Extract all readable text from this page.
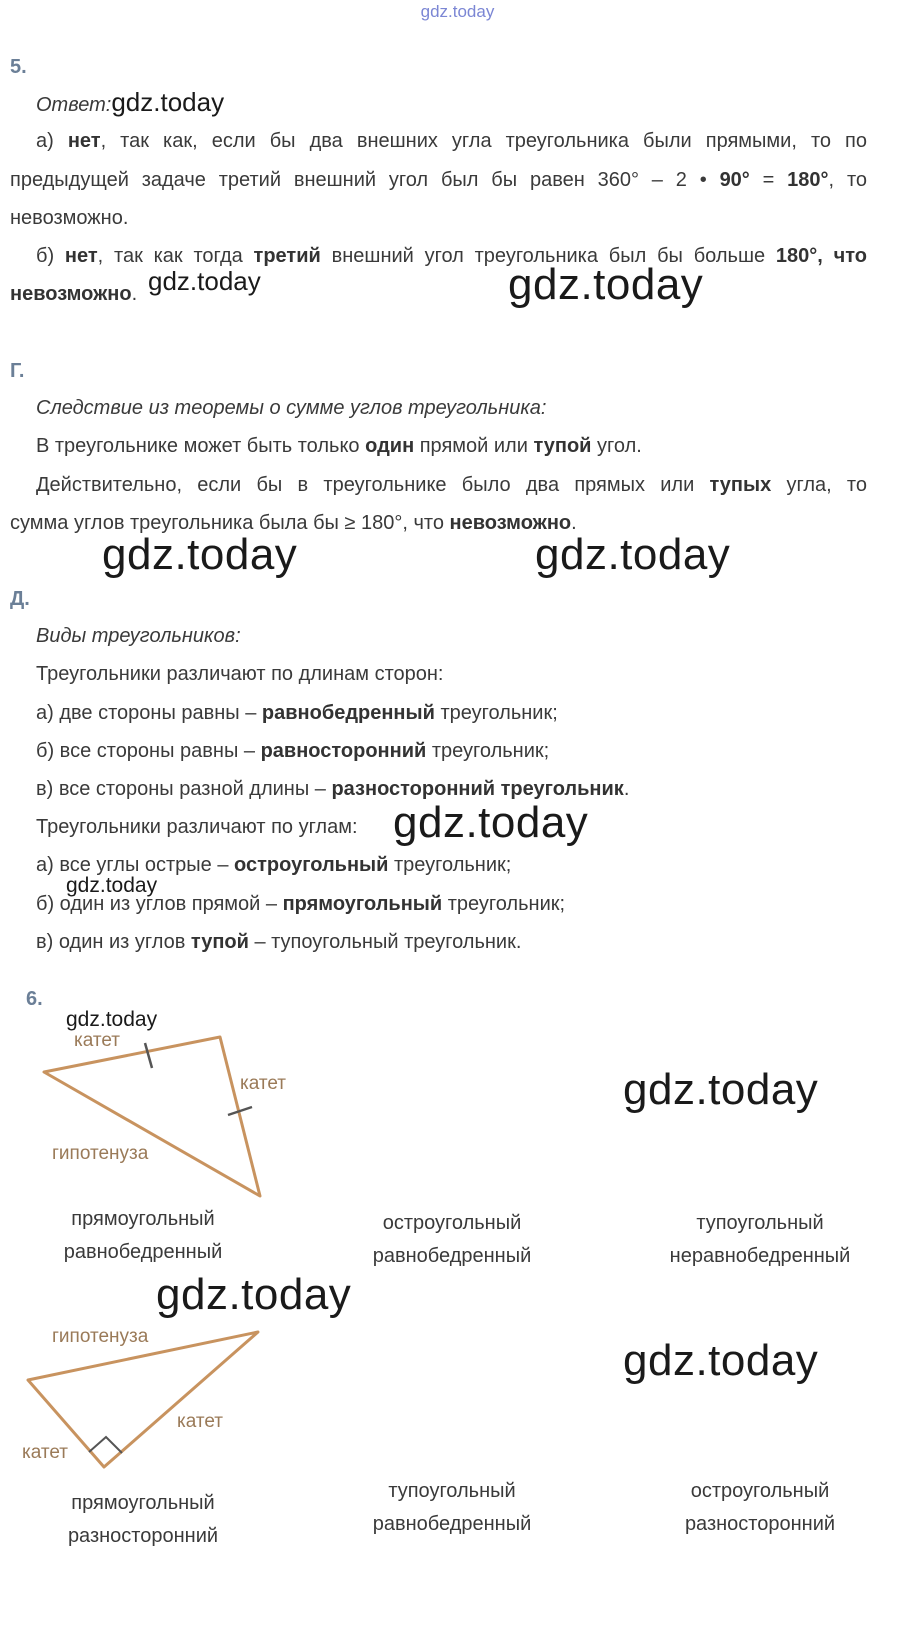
gdz.today
5.
Ответ:gdz.today
а) нет, так как, если бы два внешних угла треугольника были прямыми, то по
предыдущей задаче третий внешний угол был бы равен 360° – 2 • 90° = 180°, то
невозможно.
б) нет, так как тогда третий внешний угол треугольника был бы больше 180°, что
невозможно. gdz.today	gdz.today
Г.
Следствие из теоремы о сумме углов треугольника:
В треугольнике может быть только один прямой или тупой угол.
Действительно, если бы в треугольнике было два прямых или тупых угла, то
сумма углов треугольника была бы ≥ 180°, что невозможно.
gdz.today	gdz.today
Д.
Виды треугольников:
Треугольники различают по длинам сторон:
а) две стороны равны – равнобедренный треугольник;
б) все стороны равны – равносторонний треугольник;
в) все стороны разной длины – разносторонний треугольник.
Треугольники различают по углам: gdz.today
а) все углы острые – остроугольный треугольник;
gdz.today
б) один из углов прямой – прямоугольный треугольник;
в) один из углов тупой – тупоугольный треугольник.
6.
gdz.today
катет
катет
гипотенуза
gdz.today
прямоугольный
равнобедренный
остроугольный
равнобедренный
тупоугольный
неравнобедренный
gdz.today
гипотенуза
катет
катет
gdz.today
прямоугольный
разносторонний
тупоугольный
равнобедренный
остроугольный
разносторонний
